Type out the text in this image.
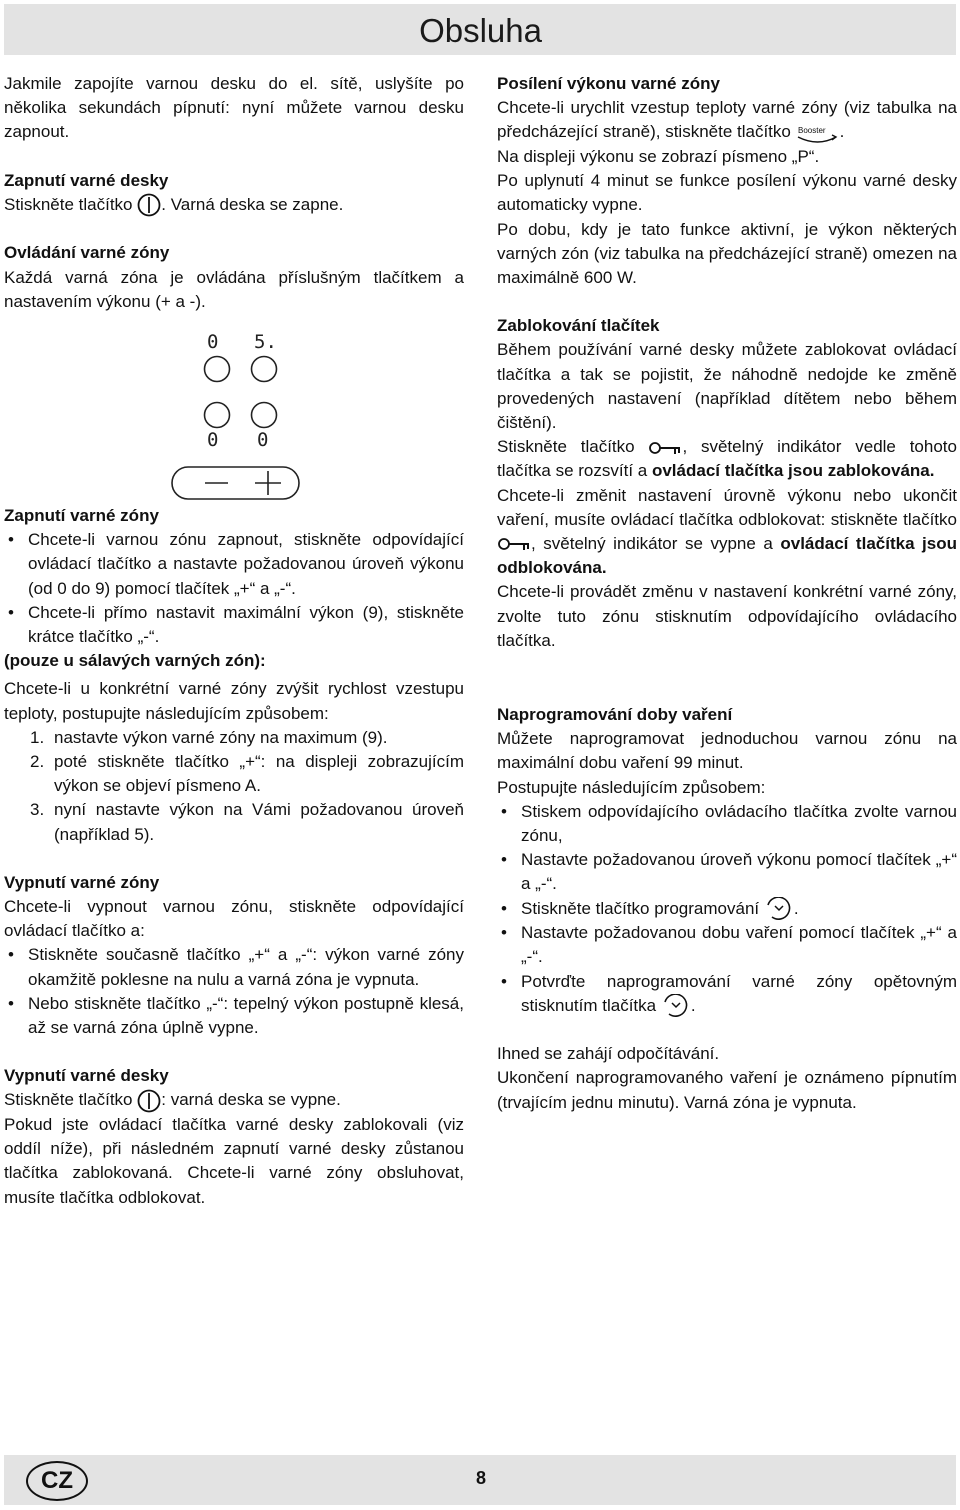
Obsluha

Jakmile zapojíte varnou desku do el. sítě, uslyšíte po několika sekundách pípnutí: nyní můžete varnou desku zapnout.

Zapnutí varné desky

Stiskněte tlačítko . Varná deska se zapne.

Ovládání varné zóny

Každá varná zóna je ovládána příslušným tlačítkem a nastavením výkonu (+ a -).

0 5.
0 0

Zapnutí varné zóny

• Chcete-li varnou zónu zapnout, stiskněte odpovídající ovládací tlačítko a nastavte požadovanou úroveň výkonu (od 0 do 9) pomocí tlačítek „+“ a „-“.

• Chcete-li přímo nastavit maximální výkon (9), stiskněte krátce tlačítko „-“.

(pouze u sálavých varných zón):

Chcete-li u konkrétní varné zóny zvýšit rychlost vzestupu teploty, postupujte následujícím způsobem:

1. nastavte výkon varné zóny na maximum (9).

2. poté stiskněte tlačítko „+“: na displeji zobrazujícím výkon se objeví písmeno A.

3. nyní nastavte výkon na Vámi požadovanou úroveň (například 5).

Vypnutí varné zóny

Chcete-li vypnout varnou zónu, stiskněte odpovídající ovládací tlačítko a:

• Stiskněte současně tlačítko „+“ a „-“: výkon varné zóny okamžitě poklesne na nulu a varná zóna je vypnuta.

• Nebo stiskněte tlačítko „-“: tepelný výkon postupně klesá, až se varná zóna úplně vypne.

Vypnutí varné desky

Stiskněte tlačítko : varná deska se vypne.

Pokud jste ovládací tlačítka varné desky zablokovali (viz oddíl níže), při následném zapnutí varné desky zůstanou tlačítka zablokovaná. Chcete-li varné zóny obsluhovat, musíte tlačítka odblokovat.

Posílení výkonu varné zóny

Chcete-li urychlit vzestup teploty varné zóny (viz tabulka na předcházející straně), stiskněte tlačítko Booster .

Na displeji výkonu se zobrazí písmeno „P“.

Po uplynutí 4 minut se funkce posílení výkonu varné desky automaticky vypne.

Po dobu, kdy je tato funkce aktivní, je výkon některých varných zón (viz tabulka na předcházející straně) omezen na maximálně 600 W.

Zablokování tlačítek

Během používání varné desky můžete zablokovat ovládací tlačítka a tak se pojistit, že náhodně nedojde ke změně provedených nastavení (například dítětem nebo během čištění).

Stiskněte tlačítko	, světelný indikátor vedle tohoto tlačítka se rozsvítí a ovládací tlačítka jsou zablokována.

Chcete-li změnit nastavení úrovně výkonu nebo ukončit vaření, musíte ovládací tlačítka odblokovat: stiskněte tlačítko , světelný indikátor se vypne a ovládací tlačítka jsou odblokována.

Chcete-li provádět změnu v nastavení konkrétní varné zóny, zvolte tuto zónu stisknutím odpovídajícího ovládacího tlačítka.

Naprogramování doby vaření

Můžete naprogramovat jednoduchou varnou zónu na maximální dobu vaření 99 minut.

Postupujte následujícím způsobem:

• Stiskem odpovídajícího ovládacího tlačítka zvolte varnou zónu,

• Nastavte požadovanou úroveň výkonu pomocí tlačítek „+“ a „-“.

• Stiskněte tlačítko programování .

• Nastavte požadovanou dobu vaření pomocí tlačítek „+“ a „-“.

• Potvrďte naprogramování varné zóny opětovným stisknutím tlačítka .

Ihned se zahájí odpočítávání.

Ukončení naprogramovaného vaření je oznámeno pípnutím (trvajícím jednu minutu). Varná zóna je vypnuta.

CZ	8
